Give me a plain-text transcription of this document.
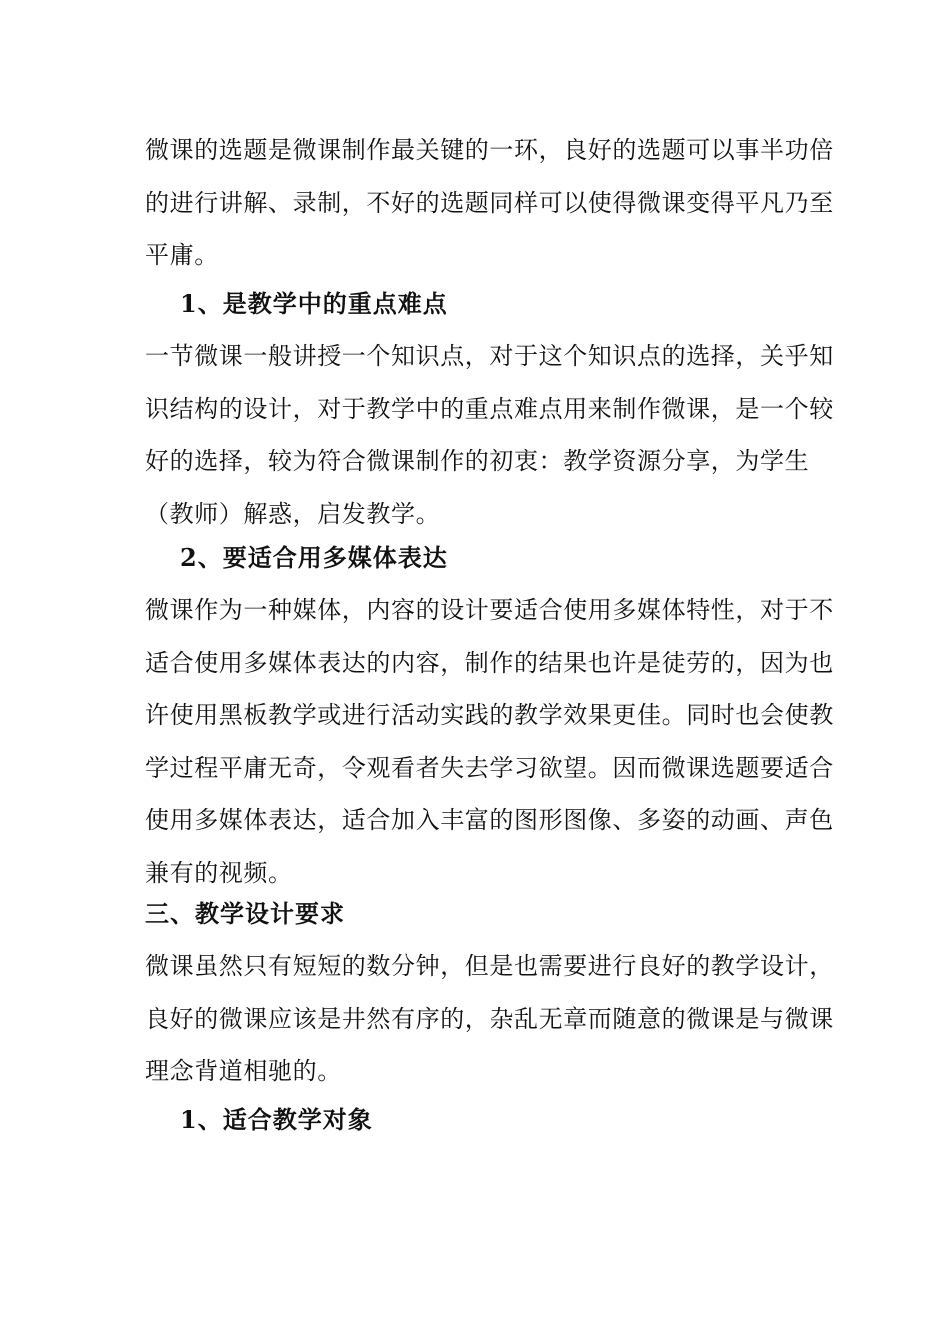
微课的选题是微课制作最关键的一环，良好的选题可以事半功倍的进行讲解、录制，不好的选题同样可以使得微课变得平凡乃至平庸。

1、是教学中的重点难点

一节微课一般讲授一个知识点，对于这个知识点的选择，关乎知识结构的设计，对于教学中的重点难点用来制作微课，是一个较好的选择，较为符合微课制作的初衷：教学资源分享，为学生（教师）解惑，启发教学。

2、要适合用多媒体表达

微课作为一种媒体，内容的设计要适合使用多媒体特性，对于不适合使用多媒体表达的内容，制作的结果也许是徒劳的，因为也许使用黑板教学或进行活动实践的教学效果更佳。同时也会使教学过程平庸无奇，令观看者失去学习欲望。因而微课选题要适合使用多媒体表达，适合加入丰富的图形图像、多姿的动画、声色兼有的视频。

三、教学设计要求

微课虽然只有短短的数分钟，但是也需要进行良好的教学设计，良好的微课应该是井然有序的，杂乱无章而随意的微课是与微课理念背道相驰的。

1、适合教学对象
